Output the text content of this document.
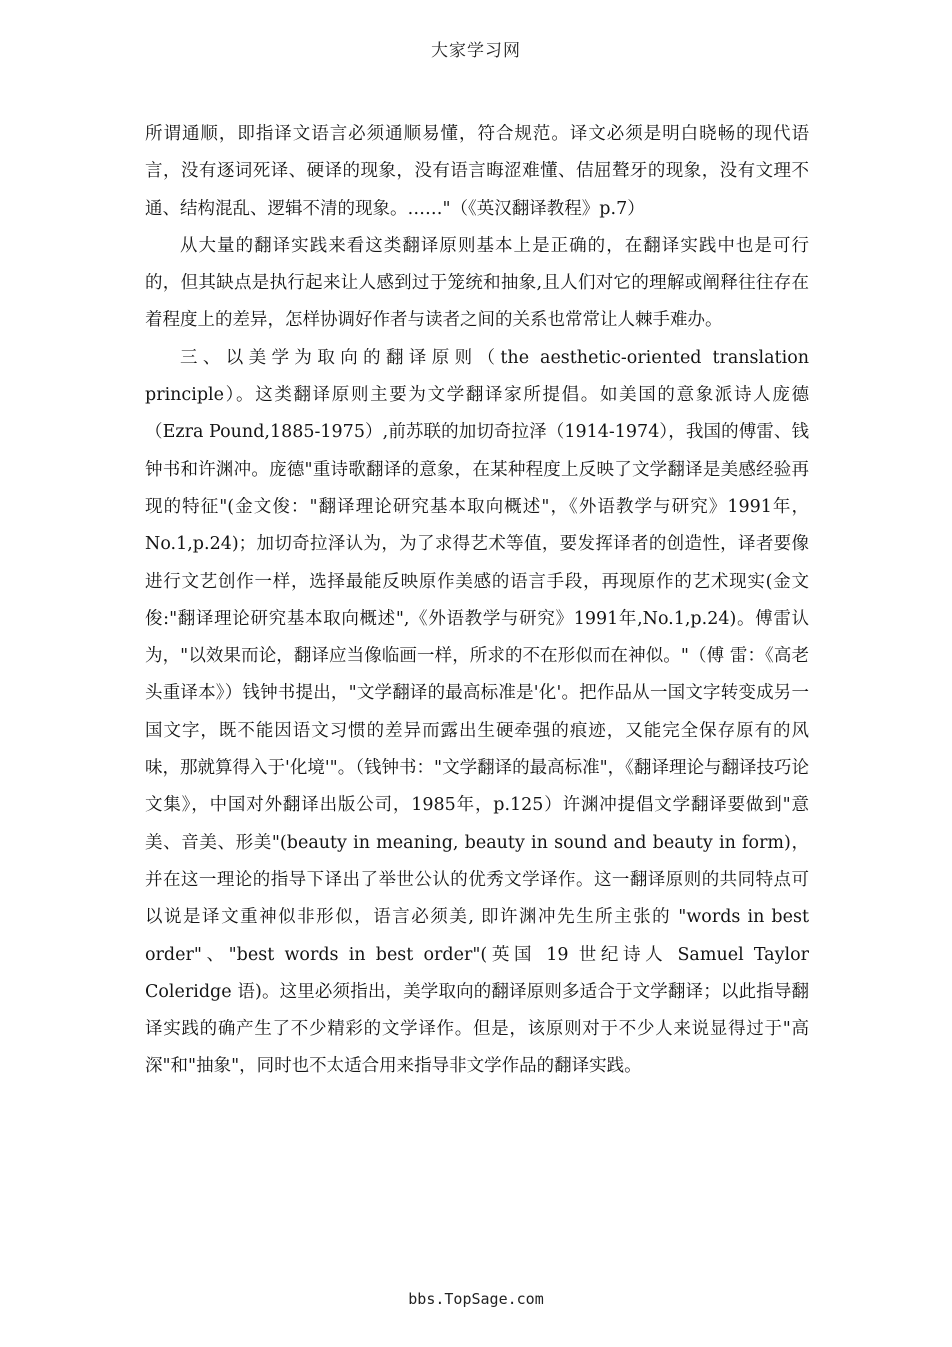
大家学习网

所谓通顺，即指译文语言必须通顺易懂，符合规范。译文必须是明白晓畅的现代语言，没有逐词死译、硬译的现象，没有语言晦涩难懂、佶屈聱牙的现象，没有文理不通、结构混乱、逻辑不清的现象。……"（《英汉翻译教程》p.7）

从大量的翻译实践来看这类翻译原则基本上是正确的，在翻译实践中也是可行的，但其缺点是执行起来让人感到过于笼统和抽象,且人们对它的理解或阐释往往存在着程度上的差异，怎样协调好作者与读者之间的关系也常常让人棘手难办。

三、以美学为取向的翻译原则（the aesthetic-oriented translation principle）。这类翻译原则主要为文学翻译家所提倡。如美国的意象派诗人庞德（Ezra Pound,1885-1975）,前苏联的加切奇拉泽（1914-1974），我国的傅雷、钱钟书和许渊冲。庞德"重诗歌翻译的意象，在某种程度上反映了文学翻译是美感经验再现的特征"(金文俊："翻译理论研究基本取向概述"，《外语教学与研究》1991年，No.1,p.24)；加切奇拉泽认为，为了求得艺术等值，要发挥译者的创造性，译者要像进行文艺创作一样，选择最能反映原作美感的语言手段，再现原作的艺术现实(金文俊:"翻译理论研究基本取向概述",《外语教学与研究》1991年,No.1,p.24)。傅雷认为，"以效果而论，翻译应当像临画一样，所求的不在形似而在神似。"（傅 雷：《高老头重译本》）钱钟书提出，"文学翻译的最高标准是'化'。把作品从一国文字转变成另一国文字，既不能因语文习惯的差异而露出生硬牵强的痕迹，又能完全保存原有的风味，那就算得入于'化境'"。（钱钟书："文学翻译的最高标准"，《翻译理论与翻译技巧论文集》，中国对外翻译出版公司，1985年，p.125）许渊冲提倡文学翻译要做到"意美、音美、形美"(beauty in meaning, beauty in sound and beauty in form)，并在这一理论的指导下译出了举世公认的优秀文学译作。这一翻译原则的共同特点可以说是译文重神似非形似，语言必须美, 即许渊冲先生所主张的 "words in best order"、"best words in best order"(英国 19 世纪诗人 Samuel Taylor Coleridge 语)。这里必须指出，美学取向的翻译原则多适合于文学翻译；以此指导翻译实践的确产生了不少精彩的文学译作。但是，该原则对于不少人来说显得过于"高深"和"抽象"，同时也不太适合用来指导非文学作品的翻译实践。

bbs.TopSage.com
